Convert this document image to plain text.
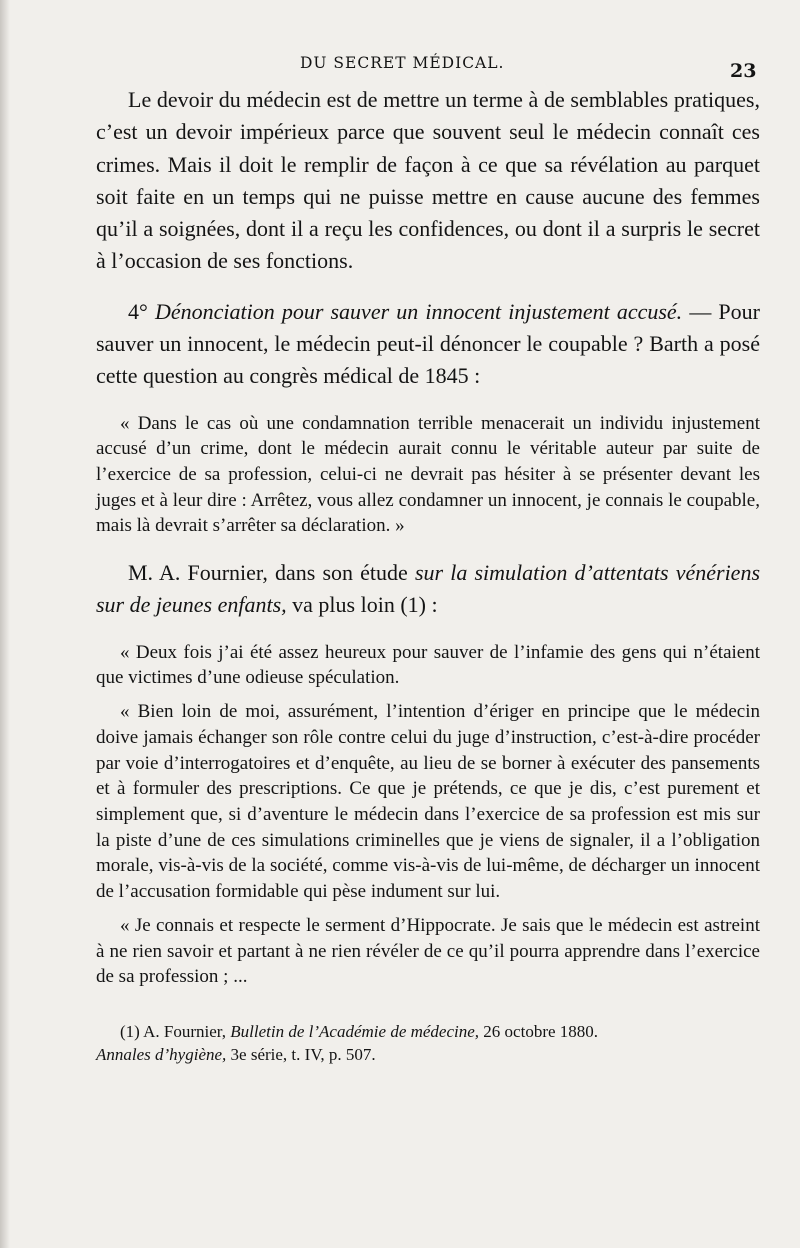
DU SECRET MÉDICAL.	23

Le devoir du médecin est de mettre un terme à de semblables pratiques, c’est un devoir impérieux parce que souvent seul le médecin connaît ces crimes. Mais il doit le remplir de façon à ce que sa révélation au parquet soit faite en un temps qui ne puisse mettre en cause aucune des femmes qu’il a soignées, dont il a reçu les confidences, ou dont il a surpris le secret à l’occasion de ses fonctions.

4° Dénonciation pour sauver un innocent injustement accusé. — Pour sauver un innocent, le médecin peut-il dénoncer le coupable ? Barth a posé cette question au congrès médical de 1845 :

« Dans le cas où une condamnation terrible menacerait un individu injustement accusé d’un crime, dont le médecin aurait connu le véritable auteur par suite de l’exercice de sa profession, celui-ci ne devrait pas hésiter à se présenter devant les juges et à leur dire : Arrêtez, vous allez condamner un innocent, je connais le coupable, mais là devrait s’arrêter sa déclaration. »

M. A. Fournier, dans son étude sur la simulation d’attentats vénériens sur de jeunes enfants, va plus loin (1) :

« Deux fois j’ai été assez heureux pour sauver de l’infamie des gens qui n’étaient que victimes d’une odieuse spéculation.

« Bien loin de moi, assurément, l’intention d’ériger en principe que le médecin doive jamais échanger son rôle contre celui du juge d’instruction, c’est-à-dire procéder par voie d’interrogatoires et d’enquête, au lieu de se borner à exécuter des pansements et à formuler des prescriptions. Ce que je prétends, ce que je dis, c’est purement et simplement que, si d’aventure le médecin dans l’exercice de sa profession est mis sur la piste d’une de ces simulations criminelles que je viens de signaler, il a l’obligation morale, vis-à-vis de la société, comme vis-à-vis de lui-même, de décharger un innocent de l’accusation formidable qui pèse indument sur lui.

« Je connais et respecte le serment d’Hippocrate. Je sais que le médecin est astreint à ne rien savoir et partant à ne rien révéler de ce qu’il pourra apprendre dans l’exercice de sa profession ; ...

(1) A. Fournier, Bulletin de l’Académie de médecine, 26 octobre 1880.
Annales d’hygiène, 3e série, t. IV, p. 507.
